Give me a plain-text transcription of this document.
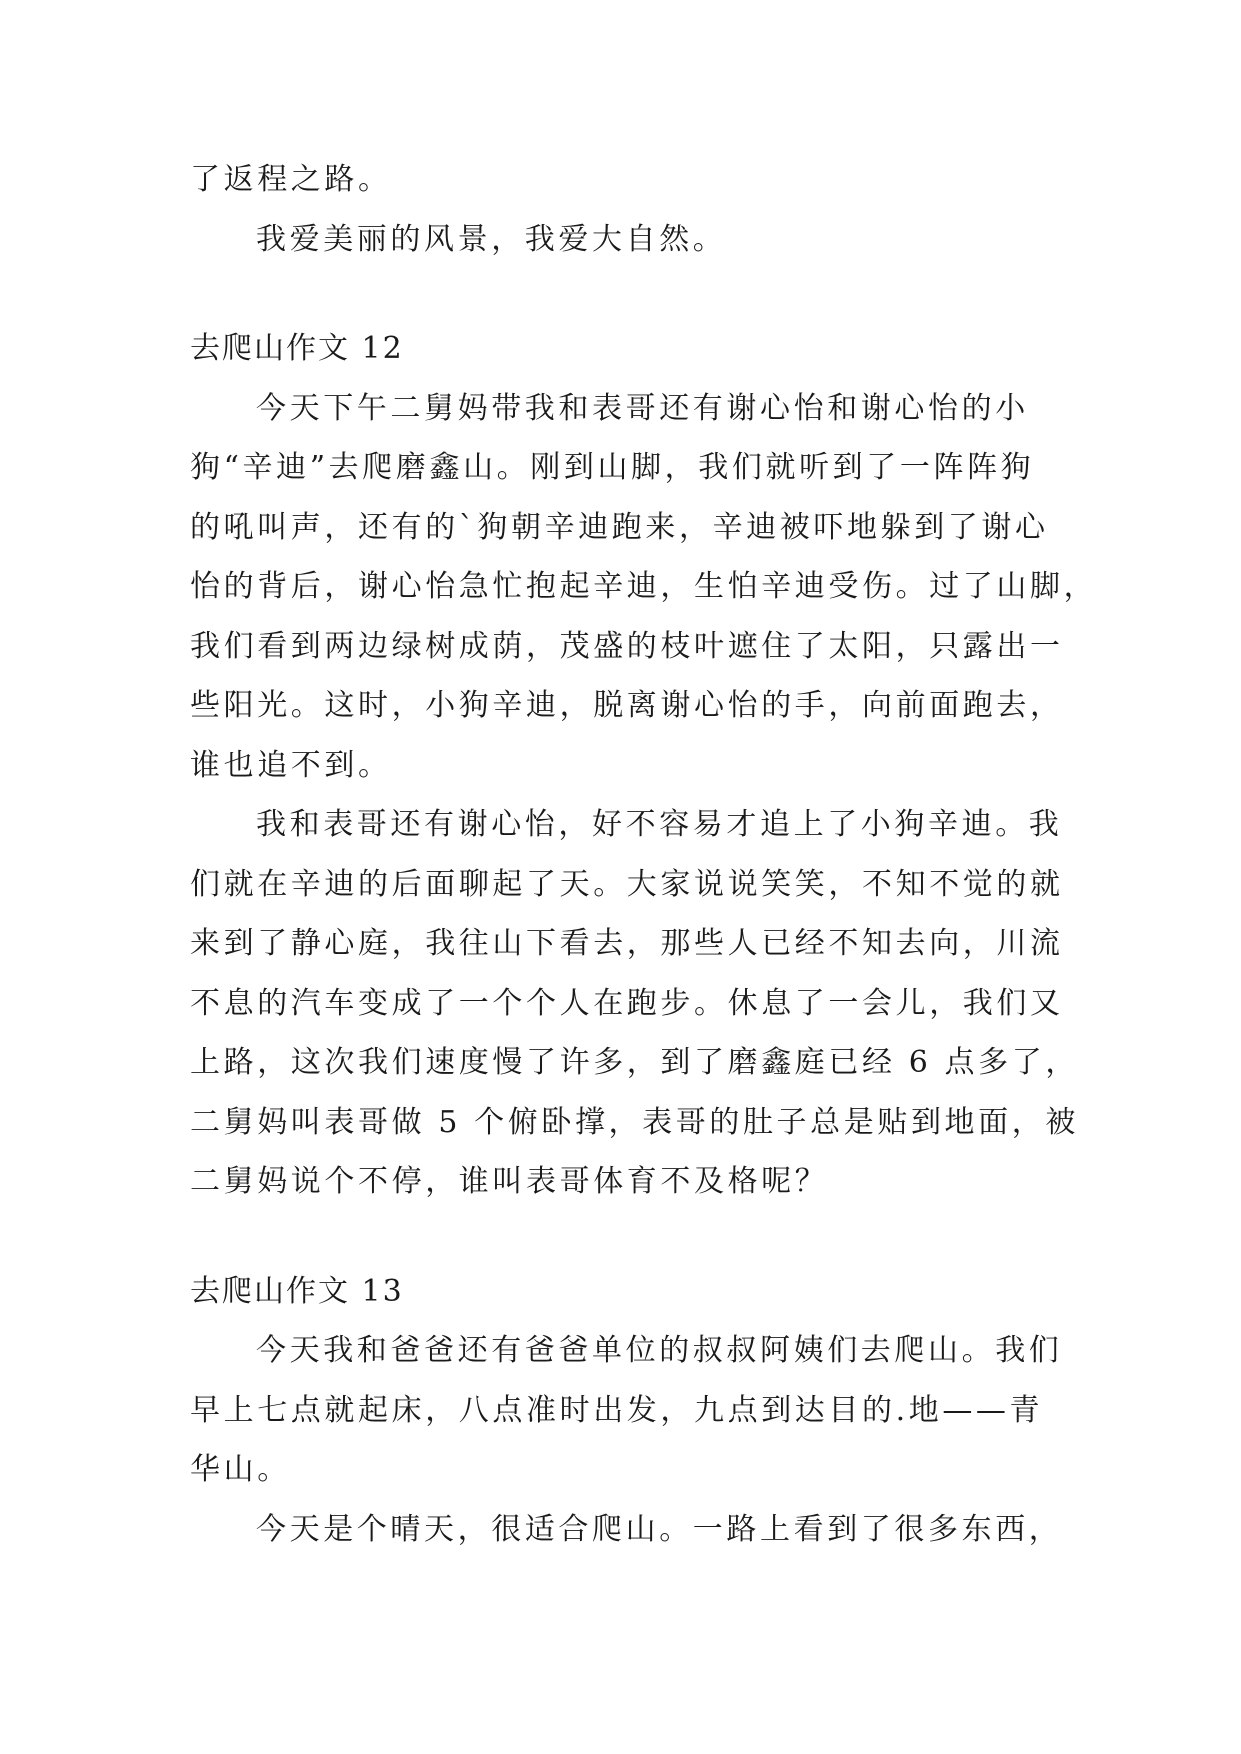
了返程之路。
我爱美丽的风景，我爱大自然。
去爬山作文 12
今天下午二舅妈带我和表哥还有谢心怡和谢心怡的小
狗“辛迪”去爬磨鑫山。刚到山脚，我们就听到了一阵阵狗
的吼叫声，还有的`狗朝辛迪跑来，辛迪被吓地躲到了谢心
怡的背后，谢心怡急忙抱起辛迪，生怕辛迪受伤。过了山脚，
我们看到两边绿树成荫，茂盛的枝叶遮住了太阳，只露出一
些阳光。这时，小狗辛迪，脱离谢心怡的手，向前面跑去，
谁也追不到。
我和表哥还有谢心怡，好不容易才追上了小狗辛迪。我
们就在辛迪的后面聊起了天。大家说说笑笑，不知不觉的就
来到了静心庭，我往山下看去，那些人已经不知去向，川流
不息的汽车变成了一个个人在跑步。休息了一会儿，我们又
上路，这次我们速度慢了许多，到了磨鑫庭已经 6 点多了，
二舅妈叫表哥做 5 个俯卧撑，表哥的肚子总是贴到地面，被
二舅妈说个不停，谁叫表哥体育不及格呢？
去爬山作文 13
今天我和爸爸还有爸爸单位的叔叔阿姨们去爬山。我们
早上七点就起床，八点准时出发，九点到达目的.地——青
华山。
今天是个晴天，很适合爬山。一路上看到了很多东西，
